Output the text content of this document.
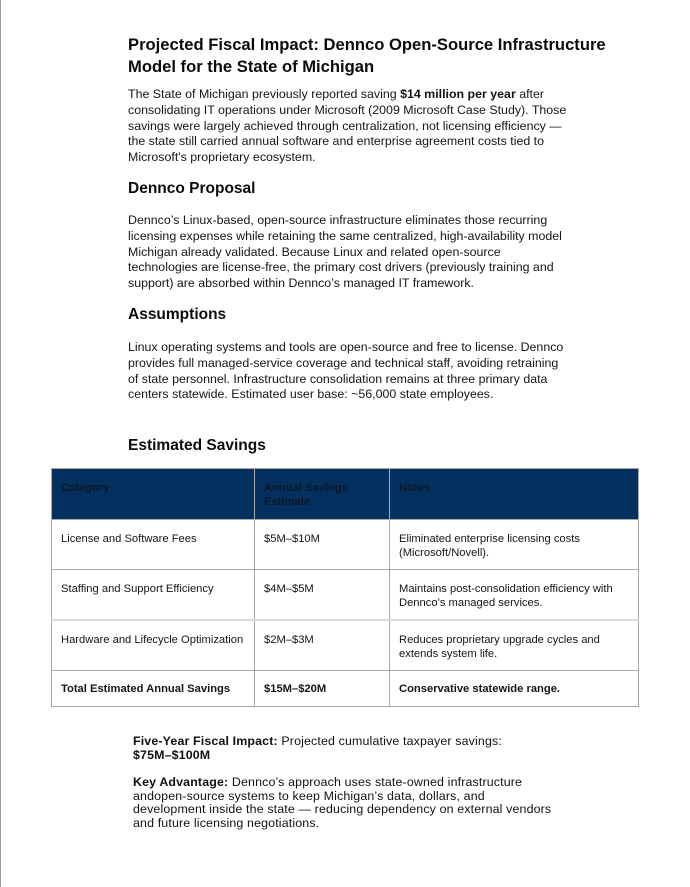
Projected Fiscal Impact: Dennco Open-Source Infrastructure Model for the State of Michigan

The State of Michigan previously reported saving $14 million per year after consolidating IT operations under Microsoft (2009 Microsoft Case Study). Those savings were largely achieved through centralization, not licensing efficiency — the state still carried annual software and enterprise agreement costs tied to Microsoft's proprietary ecosystem.

Dennco Proposal

Dennco’s Linux-based, open-source infrastructure eliminates those recurring licensing expenses while retaining the same centralized, high-availability model Michigan already validated. Because Linux and related open-source technologies are license-free, the primary cost drivers (previously training and support) are absorbed within Dennco’s managed IT framework.

Assumptions

Linux operating systems and tools are open-source and free to license. Dennco provides full managed-service coverage and technical staff, avoiding retraining of state personnel. Infrastructure consolidation remains at three primary data centers statewide. Estimated user base: ~56,000 state employees.

Estimated Savings
Category	Annual Savings Estimate	Notes
License and Software Fees	$5M–$10M	Eliminated enterprise licensing costs (Microsoft/Novell).
Staffing and Support Efficiency	$4M–$5M	Maintains post-consolidation efficiency with Dennco’s managed services.
Hardware and Lifecycle Optimization	$2M–$3M	Reduces proprietary upgrade cycles and extends system life.
Total Estimated Annual Savings	$15M–$20M	Conservative statewide range.

Five-Year Fiscal Impact: Projected cumulative taxpayer savings:
$75M–$100M

Key Advantage: Dennco’s approach uses state-owned infrastructure andopen-source systems to keep Michigan’s data, dollars, and development inside the state — reducing dependency on external vendors and future licensing negotiations.
